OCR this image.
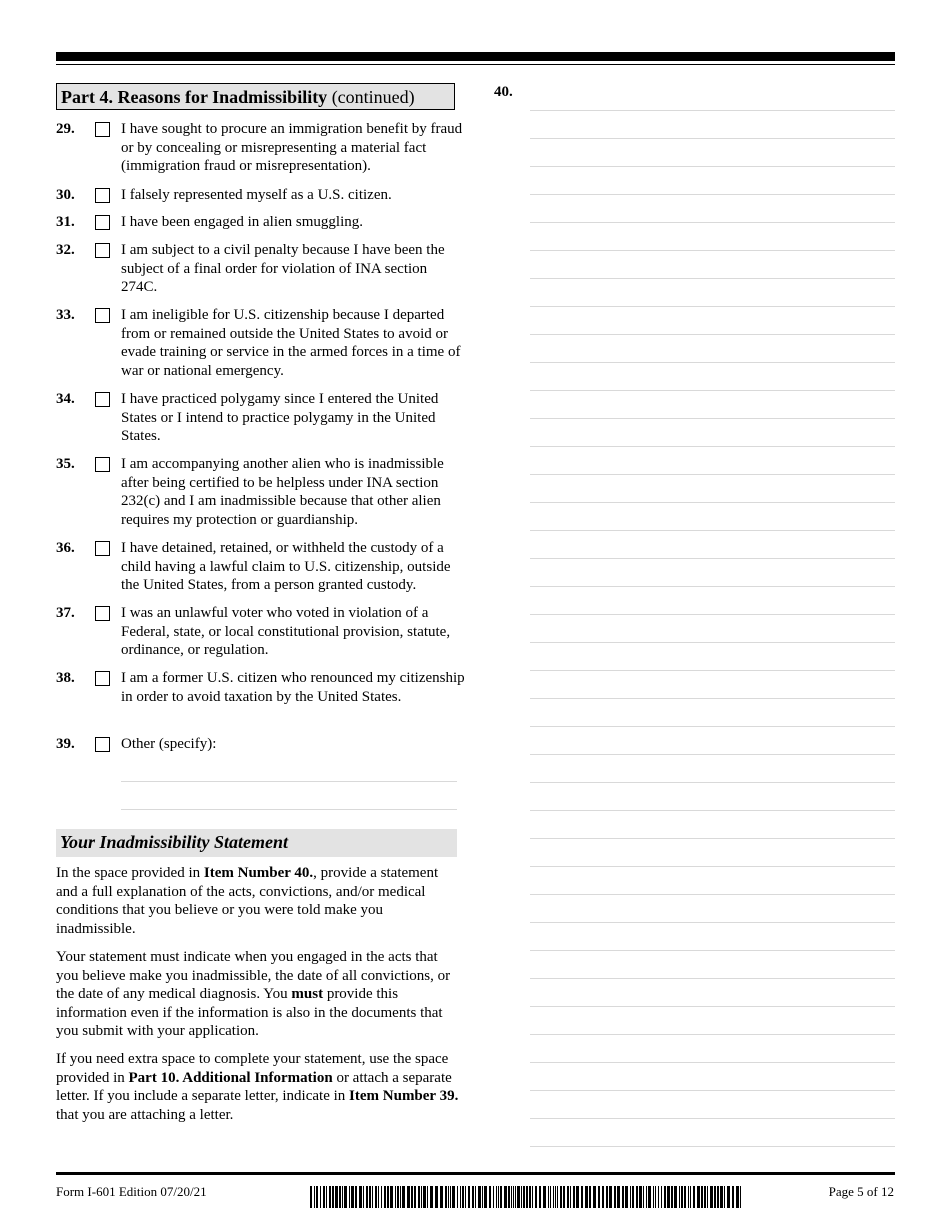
Part 4. Reasons for Inadmissibility (continued)
29.	I have sought to procure an immigration benefit by fraud or by concealing or misrepresenting a material fact (immigration fraud or misrepresentation).
30.	I falsely represented myself as a U.S. citizen.
31.	I have been engaged in alien smuggling.
32.	I am subject to a civil penalty because I have been the subject of a final order for violation of INA section 274C.
33.	I am ineligible for U.S. citizenship because I departed from or remained outside the United States to avoid or evade training or service in the armed forces in a time of war or national emergency.
34.	I have practiced polygamy since I entered the United States or I intend to practice polygamy in the United States.
35.	I am accompanying another alien who is inadmissible after being certified to be helpless under INA section 232(c) and I am inadmissible because that other alien requires my protection or guardianship.
36.	I have detained, retained, or withheld the custody of a child having a lawful claim to U.S. citizenship, outside the United States, from a person granted custody.
37.	I was an unlawful voter who voted in violation of a Federal, state, or local constitutional provision, statute, ordinance, or regulation.
38.	I am a former U.S. citizen who renounced my citizenship in order to avoid taxation by the United States.
39.	Other (specify):
Your Inadmissibility Statement
In the space provided in Item Number 40., provide a statement and a full explanation of the acts, convictions, and/or medical conditions that you believe or you were told make you inadmissible.
Your statement must indicate when you engaged in the acts that you believe make you inadmissible, the date of all convictions, or the date of any medical diagnosis. You must provide this information even if the information is also in the documents that you submit with your application.
If you need extra space to complete your statement, use the space provided in Part 10. Additional Information or attach a separate letter. If you include a separate letter, indicate in Item Number 39. that you are attaching a letter.
40.
Form I-601 Edition 07/20/21	Page 5 of 12
